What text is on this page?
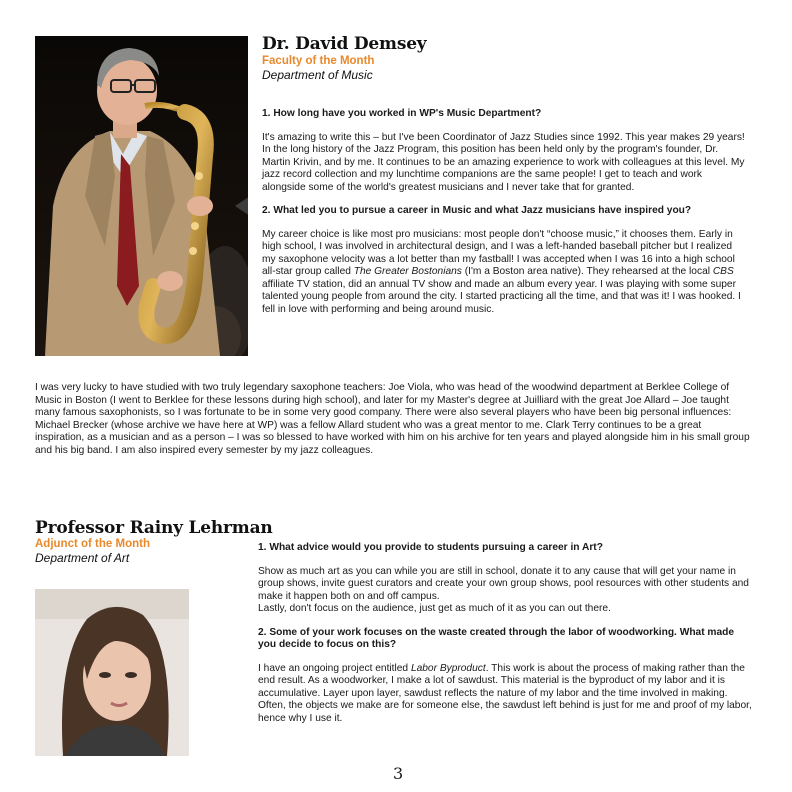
Dr. David Demsey
Faculty of the Month
Department of Music

1. How long have you worked in WP's Music Department?

It's amazing to write this – but I've been Coordinator of Jazz Studies since 1992. This year makes 29 years! In the long history of the Jazz Program, this position has been held only by the program's founder, Dr. Martin Krivin, and by me. It continues to be an amazing experience to work with colleagues at this level. My jazz record collection and my lunchtime companions are the same people! I get to teach and work alongside some of the world's greatest musicians and I never take that for granted.

2. What led you to pursue a career in Music and what Jazz musicians have inspired you?

My career choice is like most pro musicians: most people don't “choose music,” it chooses them. Early in high school, I was involved in architectural design, and I was a left-handed baseball pitcher but I realized my saxophone velocity was a lot better than my fastball! I was accepted when I was 16 into a high school all-star group called The Greater Bostonians (I'm a Boston area native). They rehearsed at the local CBS affiliate TV station, did an annual TV show and made an album every year. I was playing with some super talented young people from around the city. I started practicing all the time, and that was it! I was hooked. I fell in love with performing and being around music.

I was very lucky to have studied with two truly legendary saxophone teachers: Joe Viola, who was head of the woodwind department at Berklee College of Music in Boston (I went to Berklee for these lessons during high school), and later for my Master's degree at Juilliard with the great Joe Allard – Joe taught many famous saxophonists, so I was fortunate to be in some very good company. There were also several players who have been big personal influences: Michael Brecker (whose archive we have here at WP) was a fellow Allard student who was a great mentor to me. Clark Terry continues to be a great inspiration, as a musician and as a person – I was so blessed to have worked with him on his archive for ten years and played alongside him in his small group and his big band. I am also inspired every semester by my jazz colleagues.
Professor Rainy Lehrman
Adjunct of the Month
Department of Art

1. What advice would you provide to students pursuing a career in Art?

Show as much art as you can while you are still in school, donate it to any cause that will get your name in group shows, invite guest curators and create your own group shows, pool resources with other students and make it happen both on and off campus.
Lastly, don't focus on the audience, just get as much of it as you can out there.

2. Some of your work focuses on the waste created through the labor of woodworking. What made you decide to focus on this?

I have an ongoing project entitled Labor Byproduct. This work is about the process of making rather than the end result. As a woodworker, I make a lot of sawdust. This material is the byproduct of my labor and it is accumulative. Layer upon layer, sawdust reflects the nature of my labor and the time involved in making. Often, the objects we make are for someone else, the sawdust left behind is just for me and proof of my labor, hence why I use it.

3
